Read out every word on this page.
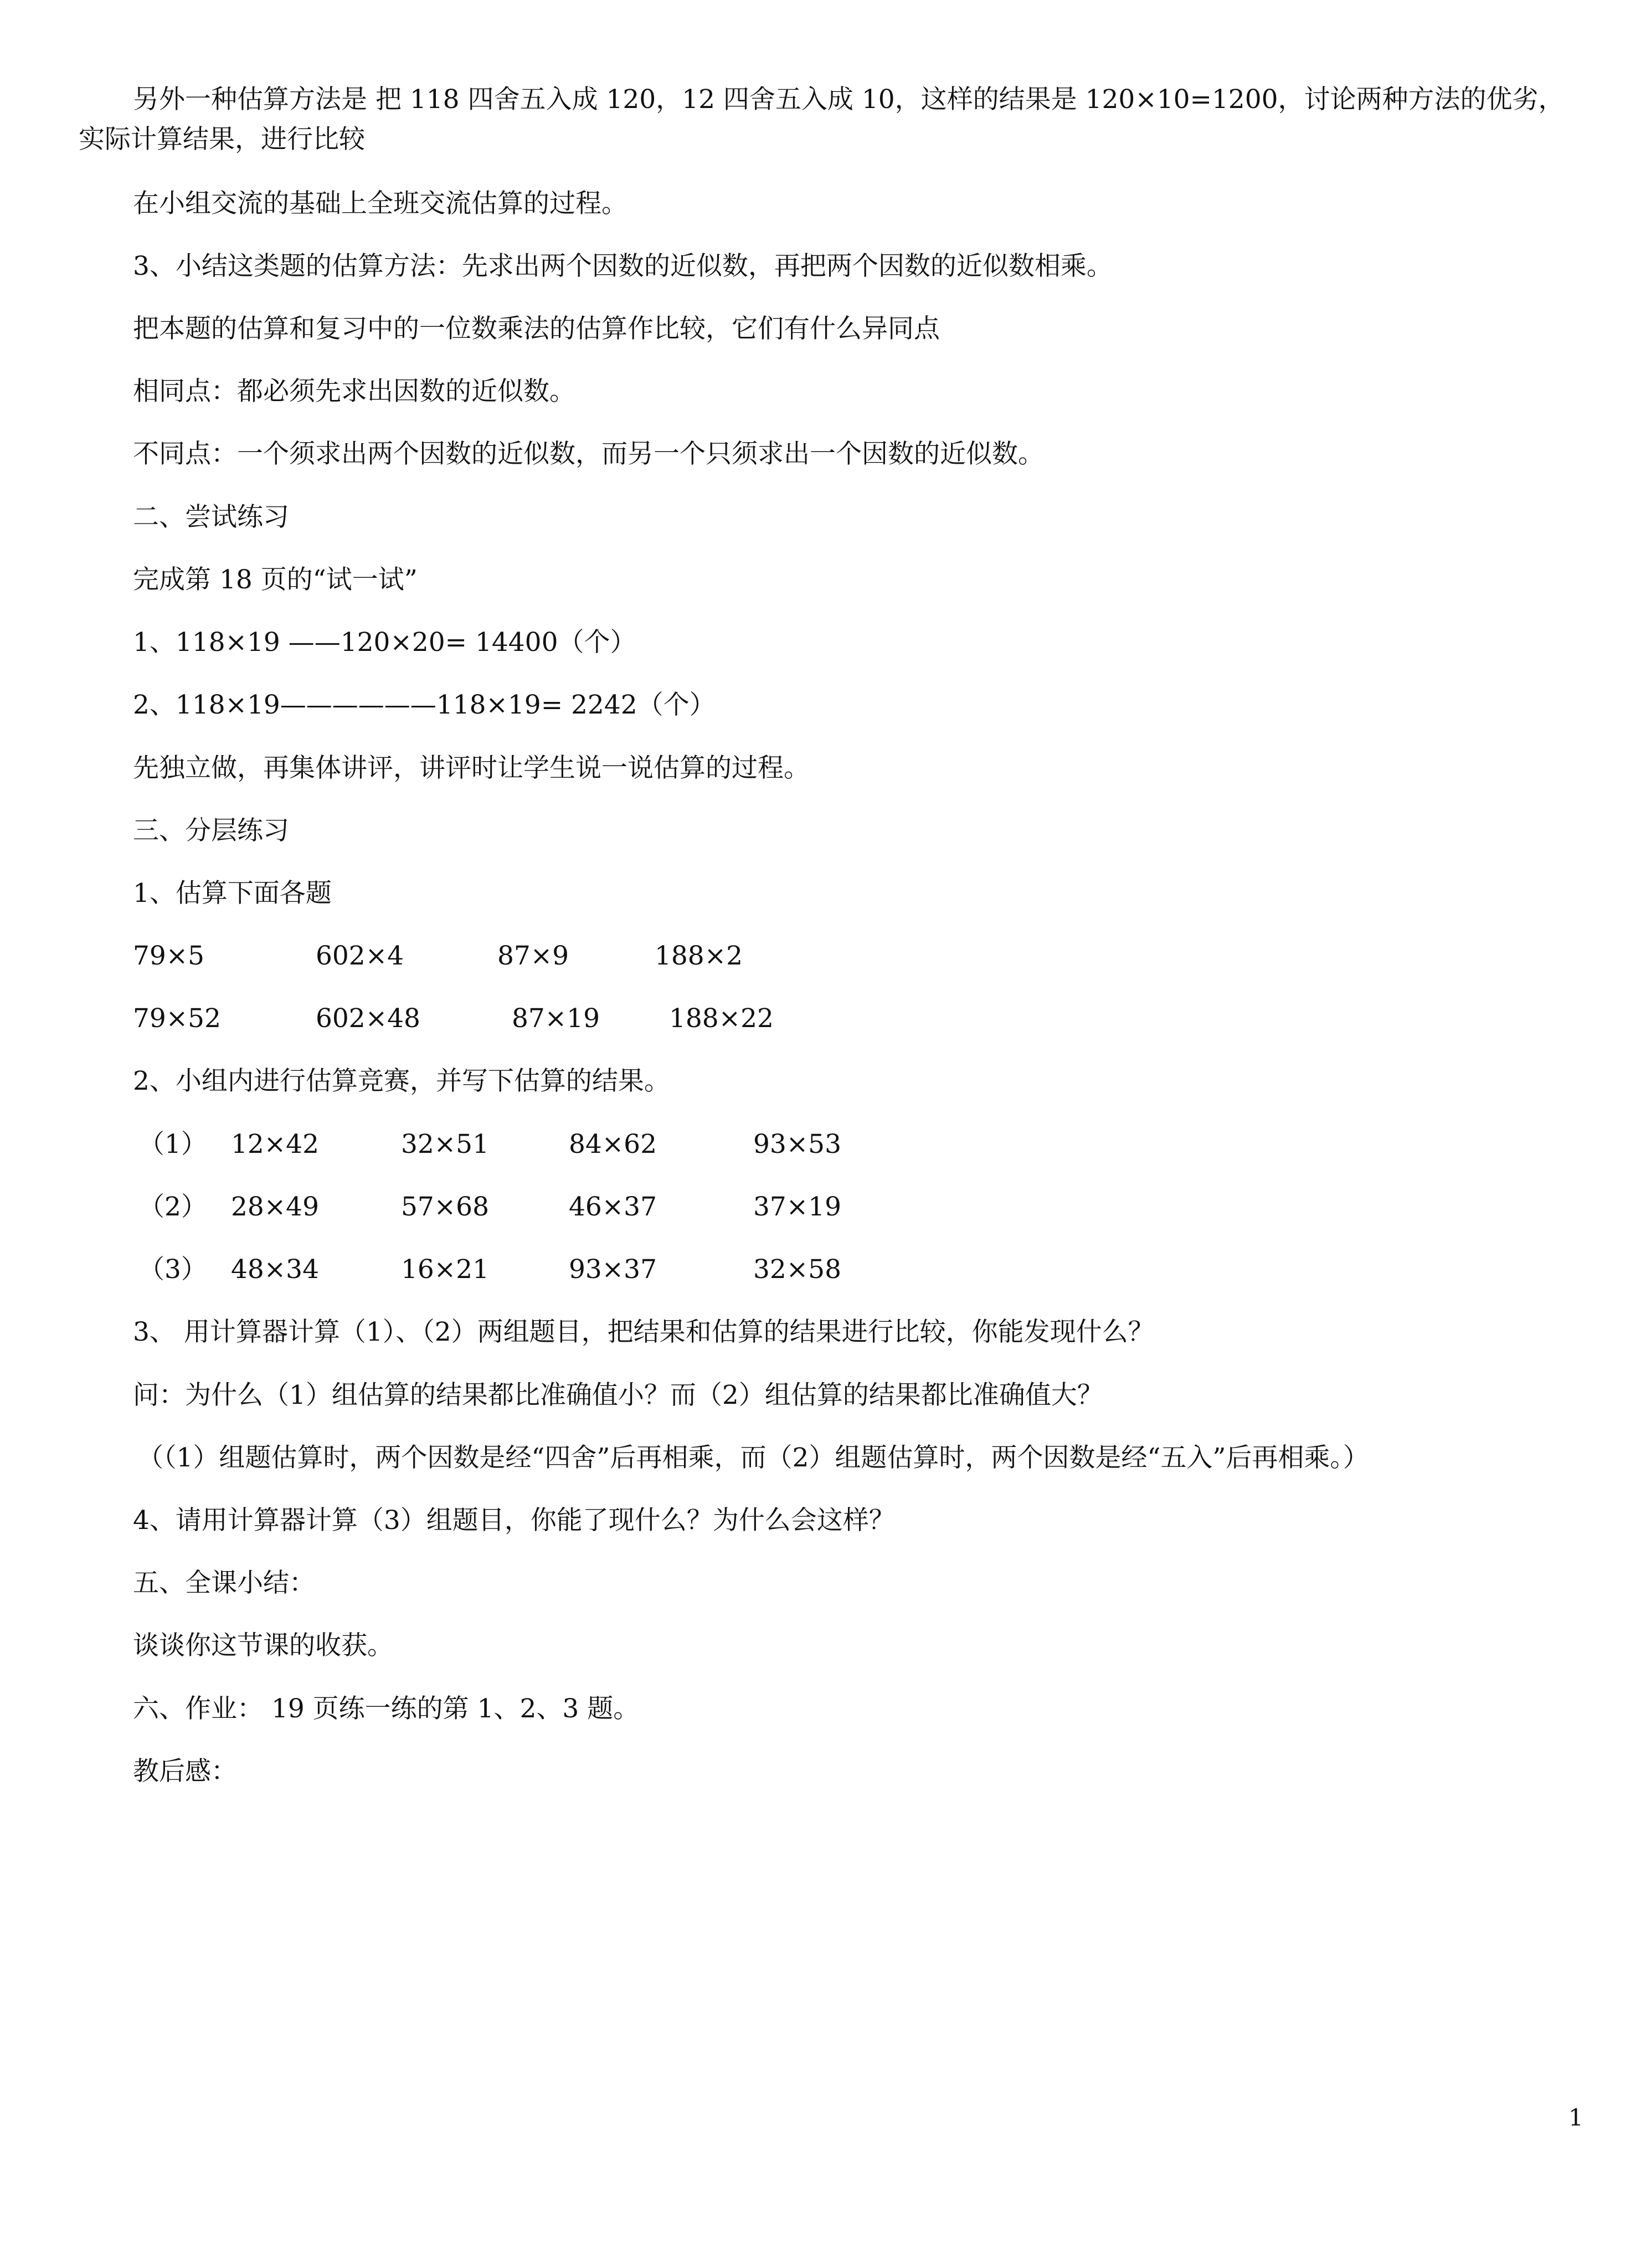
另外一种估算方法是 把 118 四舍五入成 120，12 四舍五入成 10，这样的结果是 120×10=1200，讨论两种方法的优劣，
实际计算结果，进行比较
在小组交流的基础上全班交流估算的过程。
3、小结这类题的估算方法：先求出两个因数的近似数，再把两个因数的近似数相乘。
把本题的估算和复习中的一位数乘法的估算作比较，它们有什么异同点
相同点：都必须先求出因数的近似数。
不同点：一个须求出两个因数的近似数，而另一个只须求出一个因数的近似数。
二、尝试练习
完成第 18 页的“试一试”
1、118×19 ——120×20= 14400（个）
2、118×19——————118×19= 2242（个）
先独立做，再集体讲评，讲评时让学生说一说估算的过程。
三、分层练习
1、估算下面各题
79×5	602×4	87×9	188×2
79×52	602×48	87×19	188×22
2、小组内进行估算竞赛，并写下估算的结果。
（1） 12×42	32×51	84×62	93×53
（2） 28×49	57×68	46×37	37×19
（3） 48×34	16×21	93×37	32×58
3、 用计算器计算（1）、（2）两组题目，把结果和估算的结果进行比较，你能发现什么？
问：为什么（1）组估算的结果都比准确值小？而（2）组估算的结果都比准确值大？
（（1）组题估算时，两个因数是经“四舍”后再相乘，而（2）组题估算时，两个因数是经“五入”后再相乘。）
4、请用计算器计算（3）组题目，你能了现什么？为什么会这样？
五、全课小结：
谈谈你这节课的收获。
六、作业： 19 页练一练的第 1、2、3 题。
教后感：
1
